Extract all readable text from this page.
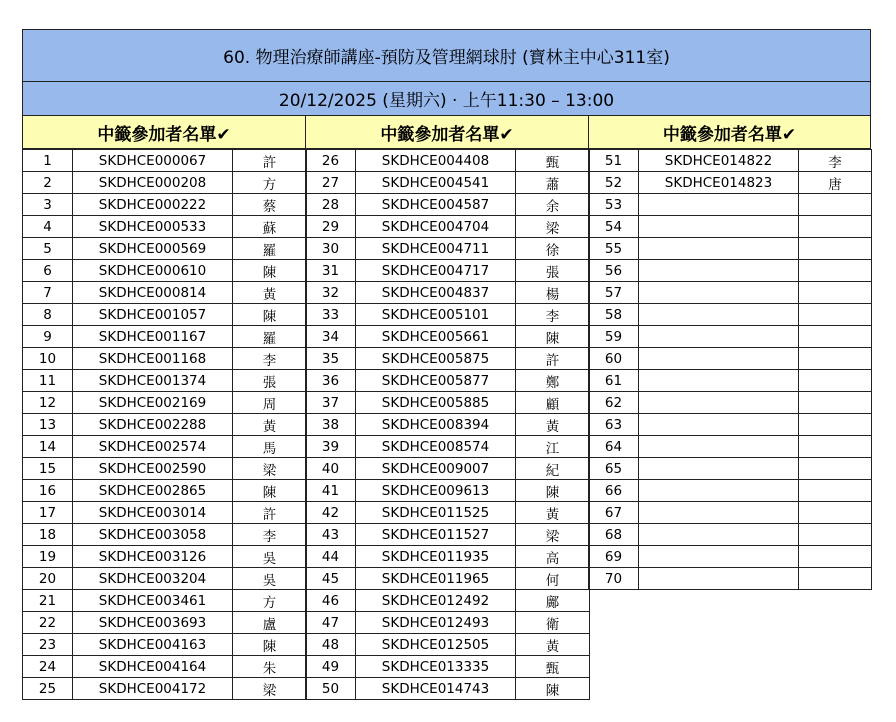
60. 物理治療師講座-預防及管理網球肘 (寶林主中心311室)
20/12/2025 (星期六) · 上午11:30 – 13:00
中籤參加者名單✔	中籤參加者名單✔	中籤參加者名單✔
1	SKDHCE000067	許
2	SKDHCE000208	方
3	SKDHCE000222	蔡
4	SKDHCE000533	蘇
5	SKDHCE000569	羅
6	SKDHCE000610	陳
7	SKDHCE000814	黃
8	SKDHCE001057	陳
9	SKDHCE001167	羅
10	SKDHCE001168	李
11	SKDHCE001374	張
12	SKDHCE002169	周
13	SKDHCE002288	黃
14	SKDHCE002574	馬
15	SKDHCE002590	梁
16	SKDHCE002865	陳
17	SKDHCE003014	許
18	SKDHCE003058	李
19	SKDHCE003126	吳
20	SKDHCE003204	吳
21	SKDHCE003461	方
22	SKDHCE003693	盧
23	SKDHCE004163	陳
24	SKDHCE004164	朱
25	SKDHCE004172	梁
26	SKDHCE004408	甄
27	SKDHCE004541	蕭
28	SKDHCE004587	余
29	SKDHCE004704	梁
30	SKDHCE004711	徐
31	SKDHCE004717	張
32	SKDHCE004837	楊
33	SKDHCE005101	李
34	SKDHCE005661	陳
35	SKDHCE005875	許
36	SKDHCE005877	鄭
37	SKDHCE005885	顧
38	SKDHCE008394	黃
39	SKDHCE008574	江
40	SKDHCE009007	紀
41	SKDHCE009613	陳
42	SKDHCE011525	黃
43	SKDHCE011527	梁
44	SKDHCE011935	高
45	SKDHCE011965	何
46	SKDHCE012492	鄺
47	SKDHCE012493	衛
48	SKDHCE012505	黃
49	SKDHCE013335	甄
50	SKDHCE014743	陳
51	SKDHCE014822	李
52	SKDHCE014823	唐
53		
54		
55		
56		
57		
58		
59		
60		
61		
62		
63		
64		
65		
66		
67		
68		
69		
70		
